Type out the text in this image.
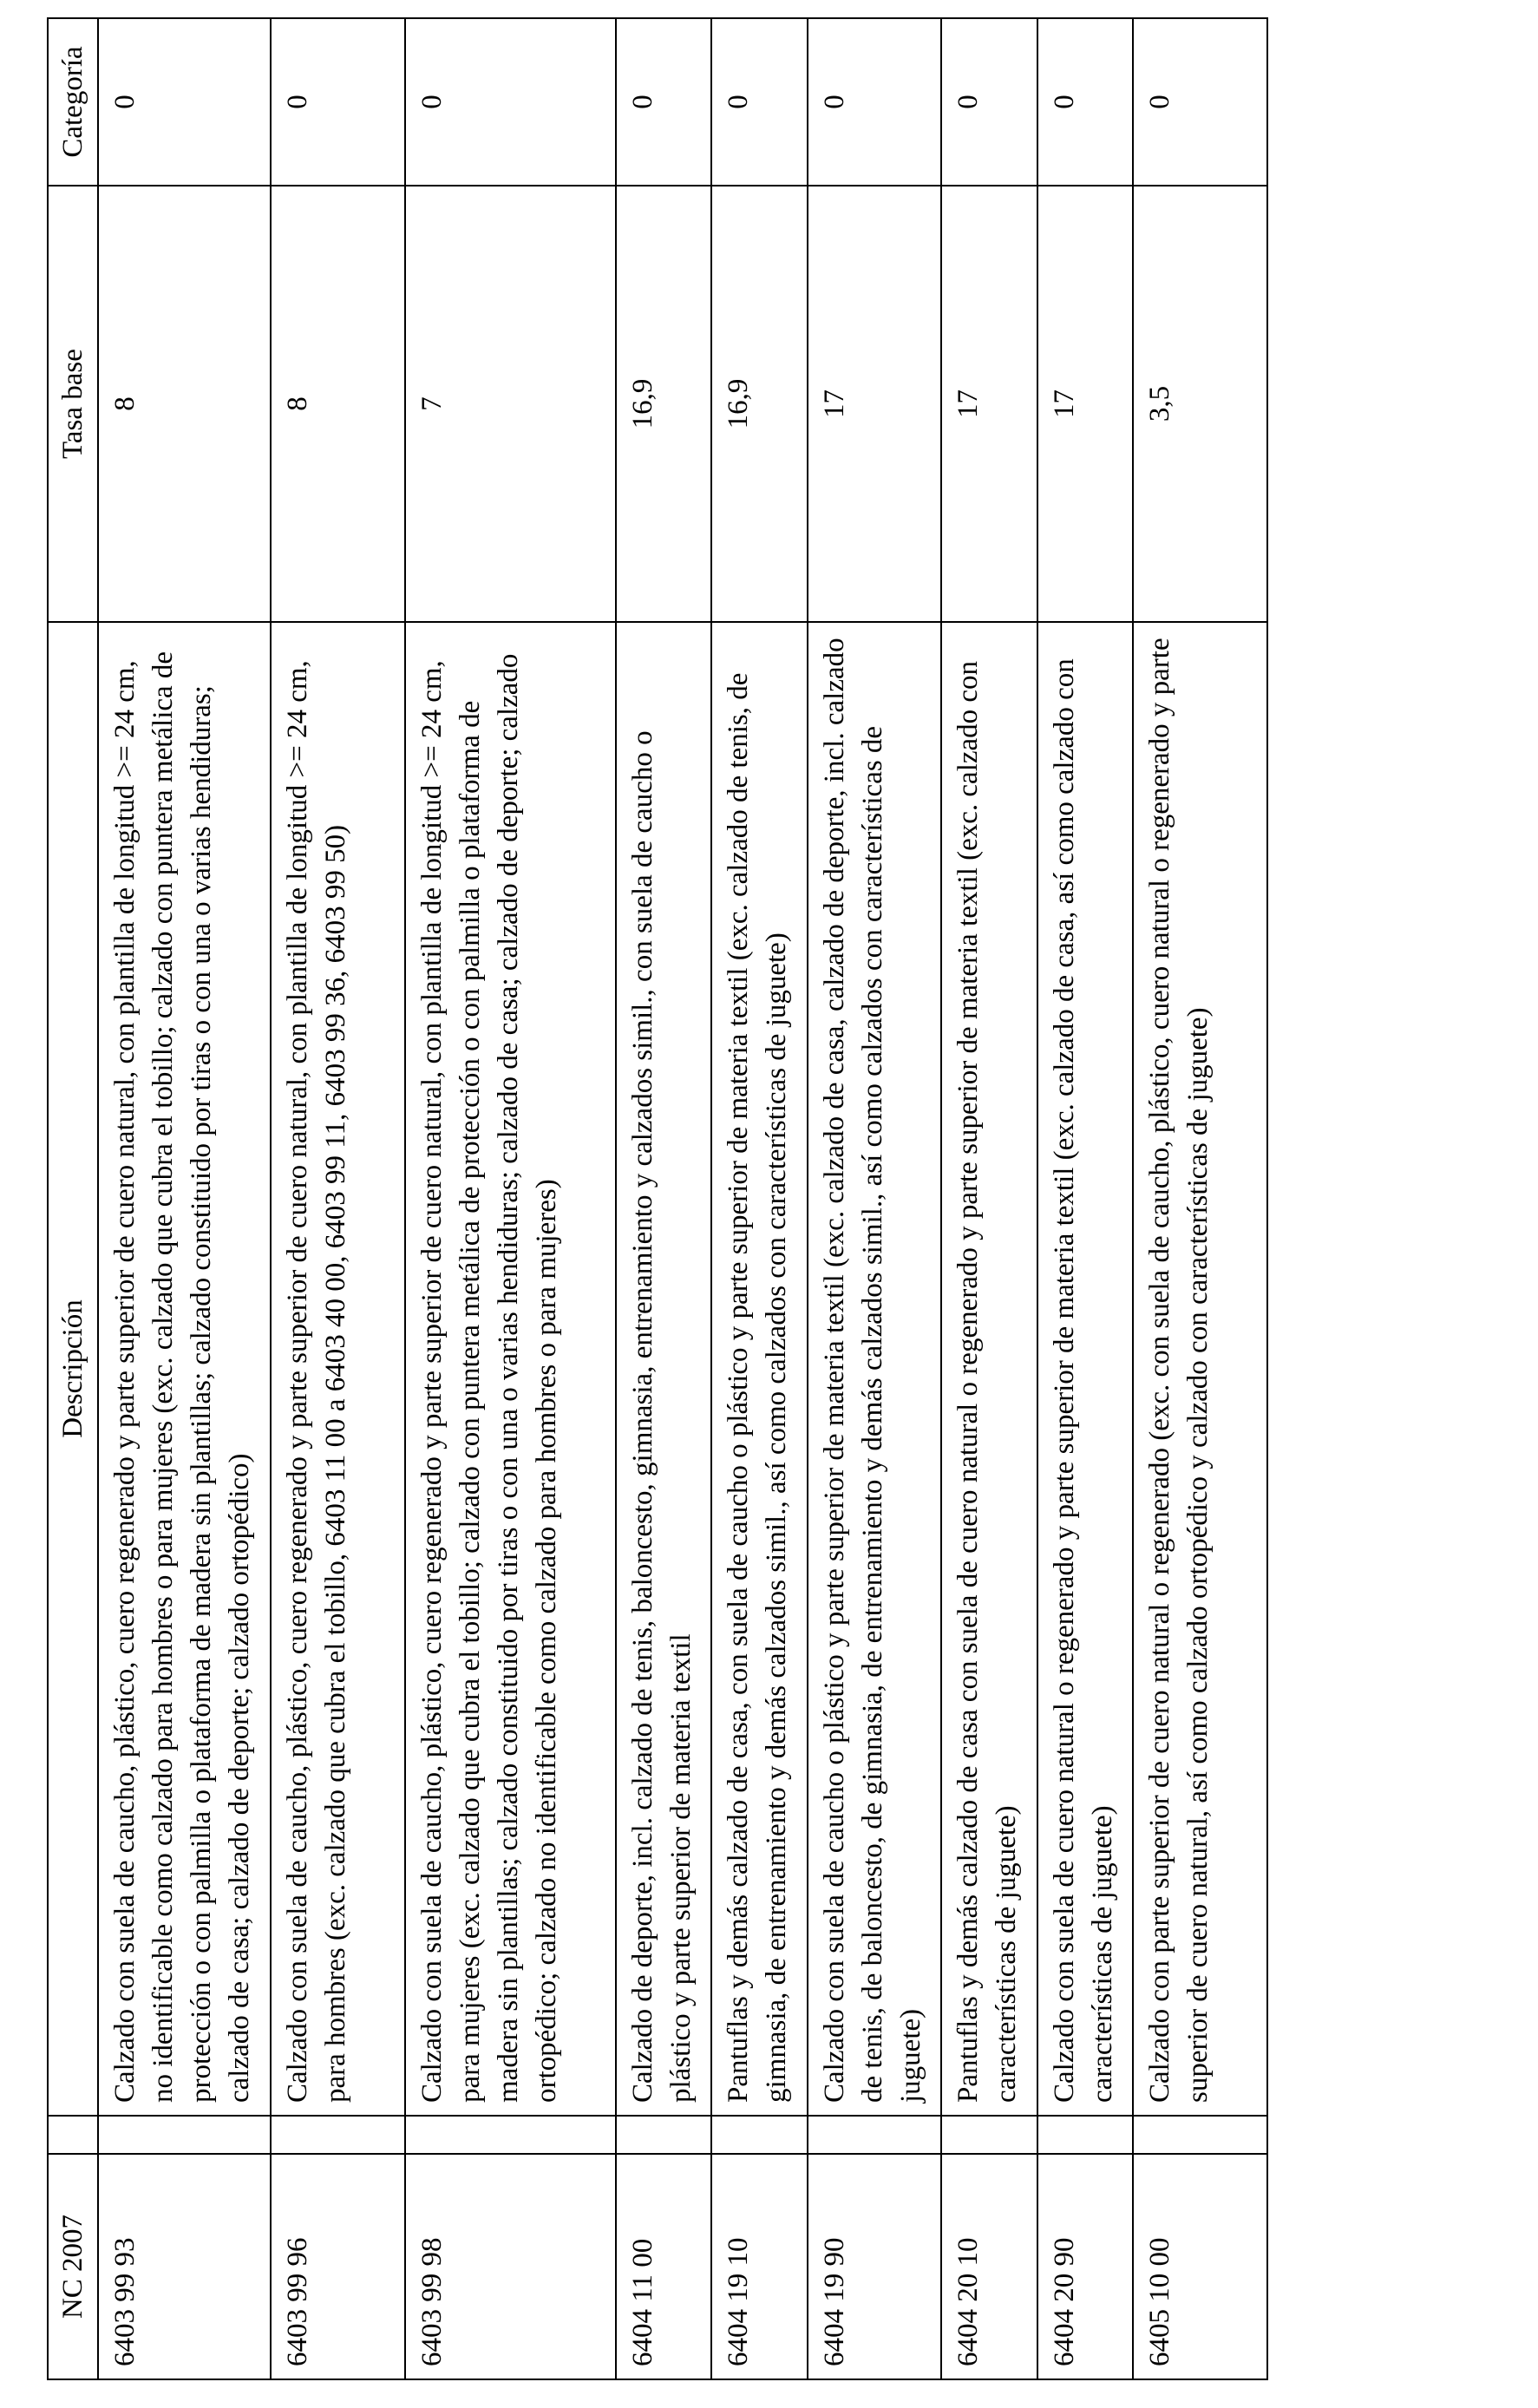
NC 2007		Descripción	Tasa base	Categoría
6403 99 93		Calzado con suela de caucho, plástico, cuero regenerado y parte superior de cuero natural, con plantilla de longitud >= 24 cm, no identificable como calzado para hombres o para mujeres (exc. calzado que cubra el tobillo; calzado con puntera metálica de protección o con palmilla o plataforma de madera sin plantillas; calzado constituido por tiras o con una o varias hendiduras; calzado de casa; calzado de deporte; calzado ortopédico)	8	0
6403 99 96		Calzado con suela de caucho, plástico, cuero regenerado y parte superior de cuero natural, con plantilla de longitud >= 24 cm, para hombres (exc. calzado que cubra el tobillo, 6403 11 00 a 6403 40 00, 6403 99 11, 6403 99 36, 6403 99 50)	8	0
6403 99 98		Calzado con suela de caucho, plástico, cuero regenerado y parte superior de cuero natural, con plantilla de longitud >= 24 cm, para mujeres (exc. calzado que cubra el tobillo; calzado con puntera metálica de protección o con palmilla o plataforma de madera sin plantillas; calzado constituido por tiras o con una o varias hendiduras; calzado de casa; calzado de deporte; calzado ortopédico; calzado no identificable como calzado para hombres o para mujeres)	7	0
6404 11 00		Calzado de deporte, incl. calzado de tenis, baloncesto, gimnasia, entrenamiento y calzados simil., con suela de caucho o plástico y parte superior de materia textil	16,9	0
6404 19 10		Pantuflas y demás calzado de casa, con suela de caucho o plástico y parte superior de materia textil (exc. calzado de tenis, de gimnasia, de entrenamiento y demás calzados simil., así como calzados con características de juguete)	16,9	0
6404 19 90		Calzado con suela de caucho o plástico y parte superior de materia textil (exc. calzado de casa, calzado de deporte, incl. calzado de tenis, de baloncesto, de gimnasia, de entrenamiento y demás calzados simil., así como calzados con características de juguete)	17	0
6404 20 10		Pantuflas y demás calzado de casa con suela de cuero natural o regenerado y parte superior de materia textil (exc. calzado con características de juguete)	17	0
6404 20 90		Calzado con suela de cuero natural o regenerado y parte superior de materia textil (exc. calzado de casa, así como calzado con características de juguete)	17	0
6405 10 00		Calzado con parte superior de cuero natural o regenerado (exc. con suela de caucho, plástico, cuero natural o regenerado y parte superior de cuero natural, así como calzado ortopédico y calzado con características de juguete)	3,5	0
